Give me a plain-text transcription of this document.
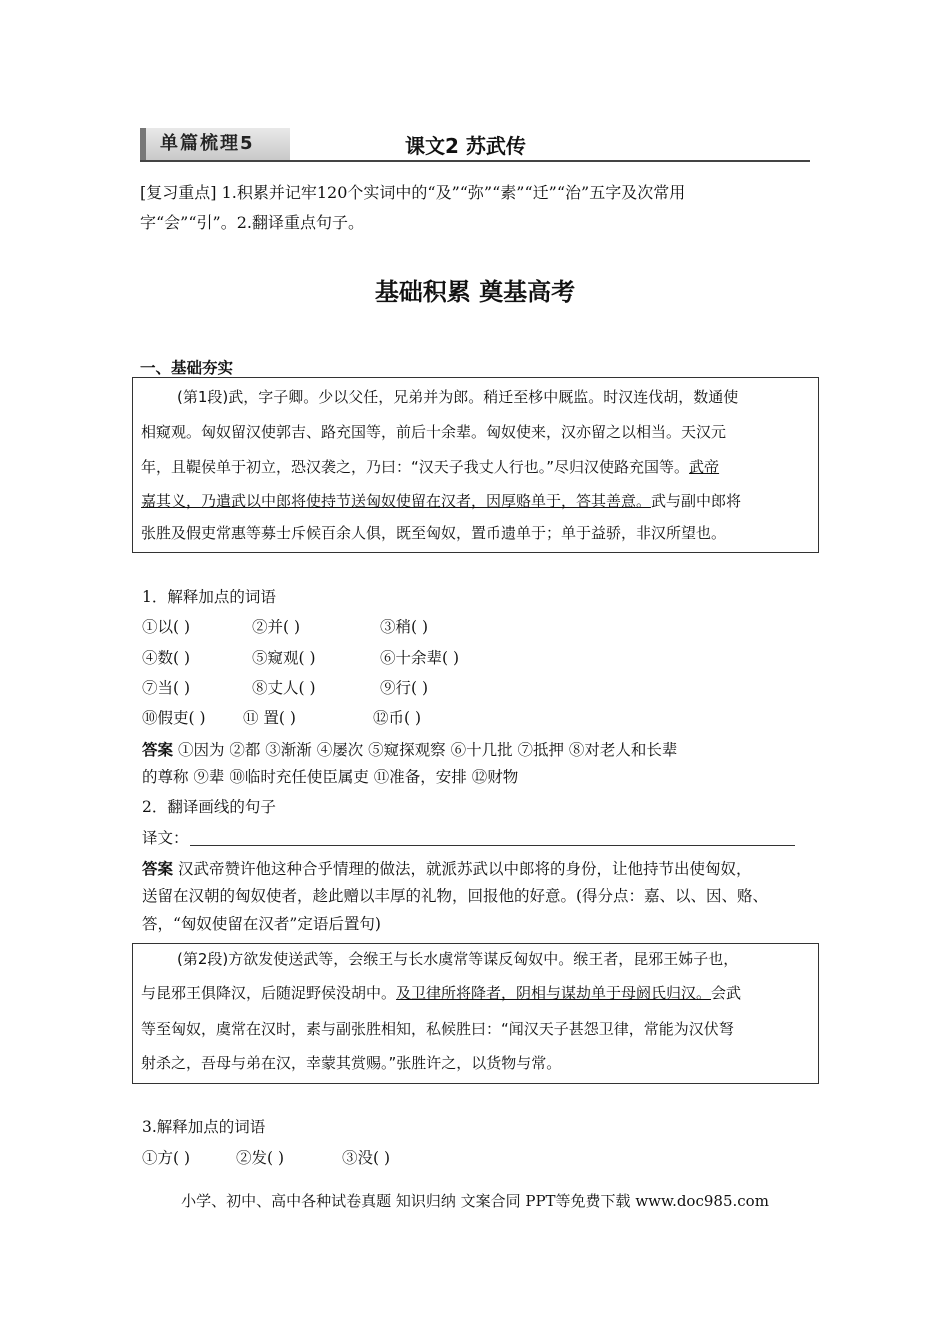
单篇梳理5	课文2 苏武传
[复习重点] 1.积累并记牢120个实词中的“及”“弥”“素”“迁”“治”五字及次常用
字“会”“引”。2.翻译重点句子。
基础积累 奠基高考
一、基础夯实
(第1段)武，字子卿。少以父任，兄弟并为郎。稍迁至栘中厩监。时汉连伐胡，数通使
相窥观。匈奴留汉使郭吉、路充国等，前后十余辈。匈奴使来，汉亦留之以相当。天汉元
年，且鞮侯单于初立，恐汉袭之，乃曰：“汉天子我丈人行也。”尽归汉使路充国等。武帝
嘉其义，乃遣武以中郎将使持节送匈奴使留在汉者，因厚赂单于，答其善意。武与副中郎将
张胜及假吏常惠等募士斥候百余人俱，既至匈奴，置币遗单于；单于益骄，非汉所望也。
1．解释加点的词语
①以( )	②并( )	③稍( )
④数( )	⑤窥观( )	⑥十余辈( )
⑦当( )	⑧丈人( )	⑨行( )
⑩假吏( ) ⑪ 置( )	⑫币( )
答案 ①因为 ②都 ③渐渐 ④屡次 ⑤窥探观察 ⑥十几批 ⑦抵押 ⑧对老人和长辈
的尊称 ⑨辈 ⑩临时充任使臣属吏 ⑪准备，安排 ⑫财物
2．翻译画线的句子
译文：
答案 汉武帝赞许他这种合乎情理的做法，就派苏武以中郎将的身份，让他持节出使匈奴，
送留在汉朝的匈奴使者，趁此赠以丰厚的礼物，回报他的好意。(得分点：嘉、以、因、赂、
答，“匈奴使留在汉者”定语后置句)
(第2段)方欲发使送武等，会缑王与长水虞常等谋反匈奴中。缑王者，昆邪王姊子也，
与昆邪王俱降汉，后随浞野侯没胡中。及卫律所将降者，阴相与谋劫单于母阏氏归汉。会武
等至匈奴，虞常在汉时，素与副张胜相知，私候胜曰：“闻汉天子甚怨卫律，常能为汉伏弩
射杀之，吾母与弟在汉，幸蒙其赏赐。”张胜许之，以货物与常。
3.解释加点的词语
①方( )	②发( )	③没( )
小学、初中、高中各种试卷真题 知识归纳 文案合同 PPT等免费下载 www.doc985.com
